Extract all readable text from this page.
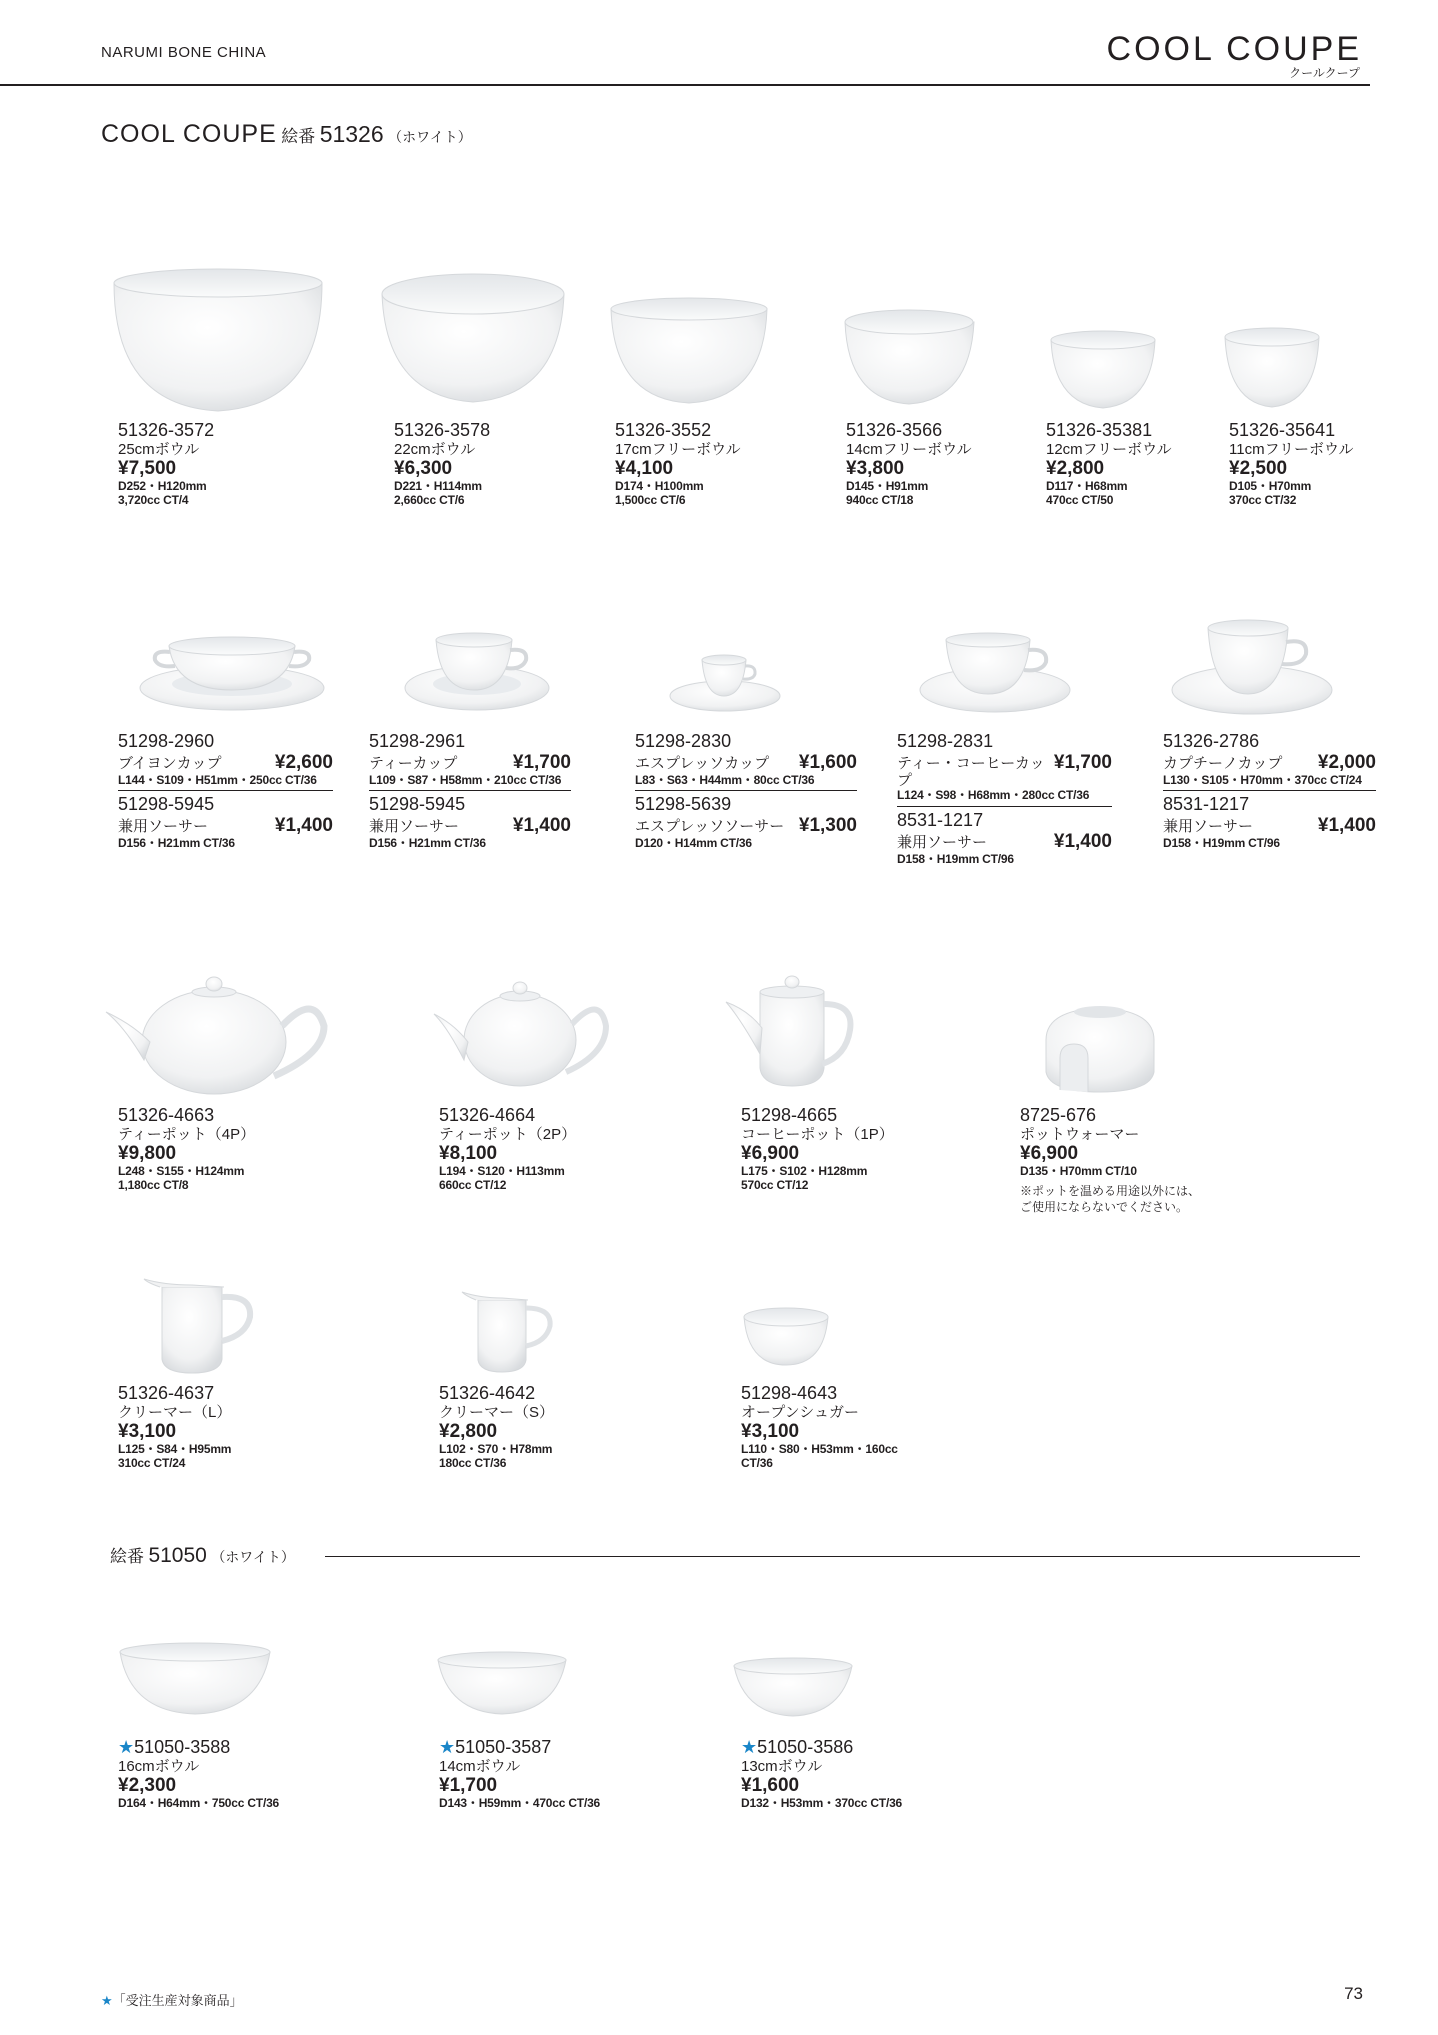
NARUMI BONE CHINA	COOL COUPE
クールクープ
COOL COUPE 絵番 51326 （ホワイト）
51326-3572
25cmボウル
¥7,500
D252・H120mm
3,720cc CT/4
51326-3578
22cmボウル
¥6,300
D221・H114mm
2,660cc CT/6
51326-3552
17cmフリーボウル
¥4,100
D174・H100mm
1,500cc CT/6
51326-3566
14cmフリーボウル
¥3,800
D145・H91mm
940cc CT/18
51326-35381
12cmフリーボウル
¥2,800
D117・H68mm
470cc CT/50
51326-35641
11cmフリーボウル
¥2,500
D105・H70mm
370cc CT/32
51298-2960
ブイヨンカップ	¥2,600
L144・S109・H51mm・250cc CT/36
51298-5945
兼用ソーサー	¥1,400
D156・H21mm CT/36
51298-2961
ティーカップ	¥1,700
L109・S87・H58mm・210cc CT/36
51298-5945
兼用ソーサー	¥1,400
D156・H21mm CT/36
51298-2830
エスプレッソカップ ¥1,600
L83・S63・H44mm・80cc CT/36
51298-5639
エスプレッソソーサー ¥1,300
D120・H14mm CT/36
51298-2831
ティー・コーヒーカップ
¥1,700
L124・S98・H68mm・280cc CT/36
8531-1217
兼用ソーサー	¥1,400
D158・H19mm CT/96
51326-2786
カプチーノカップ ¥2,000
L130・S105・H70mm・370cc CT/24
8531-1217
兼用ソーサー	¥1,400
D158・H19mm CT/96
51326-4663
ティーポット（4P）
¥9,800
L248・S155・H124mm
1,180cc CT/8
51326-4664
ティーポット（2P）
¥8,100
L194・S120・H113mm
660cc CT/12
51298-4665
コーヒーポット（1P）
¥6,900
L175・S102・H128mm
570cc CT/12
8725-676
ポットウォーマー
¥6,900
D135・H70mm CT/10
※ポットを温める用途以外には、
ご使用にならないでください。
51326-4637
クリーマー（L）
¥3,100
L125・S84・H95mm
310cc CT/24
51326-4642
クリーマー（S）
¥2,800
L102・S70・H78mm
180cc CT/36
51298-4643
オープンシュガー
¥3,100
L110・S80・H53mm・160cc
CT/36
絵番 51050 （ホワイト）
★51050-3588
16cmボウル
¥2,300
D164・H64mm・750cc CT/36
★51050-3587
14cmボウル
¥1,700
D143・H59mm・470cc CT/36
★51050-3586
13cmボウル
¥1,600
D132・H53mm・370cc CT/36
★「受注生産対象商品」	73
